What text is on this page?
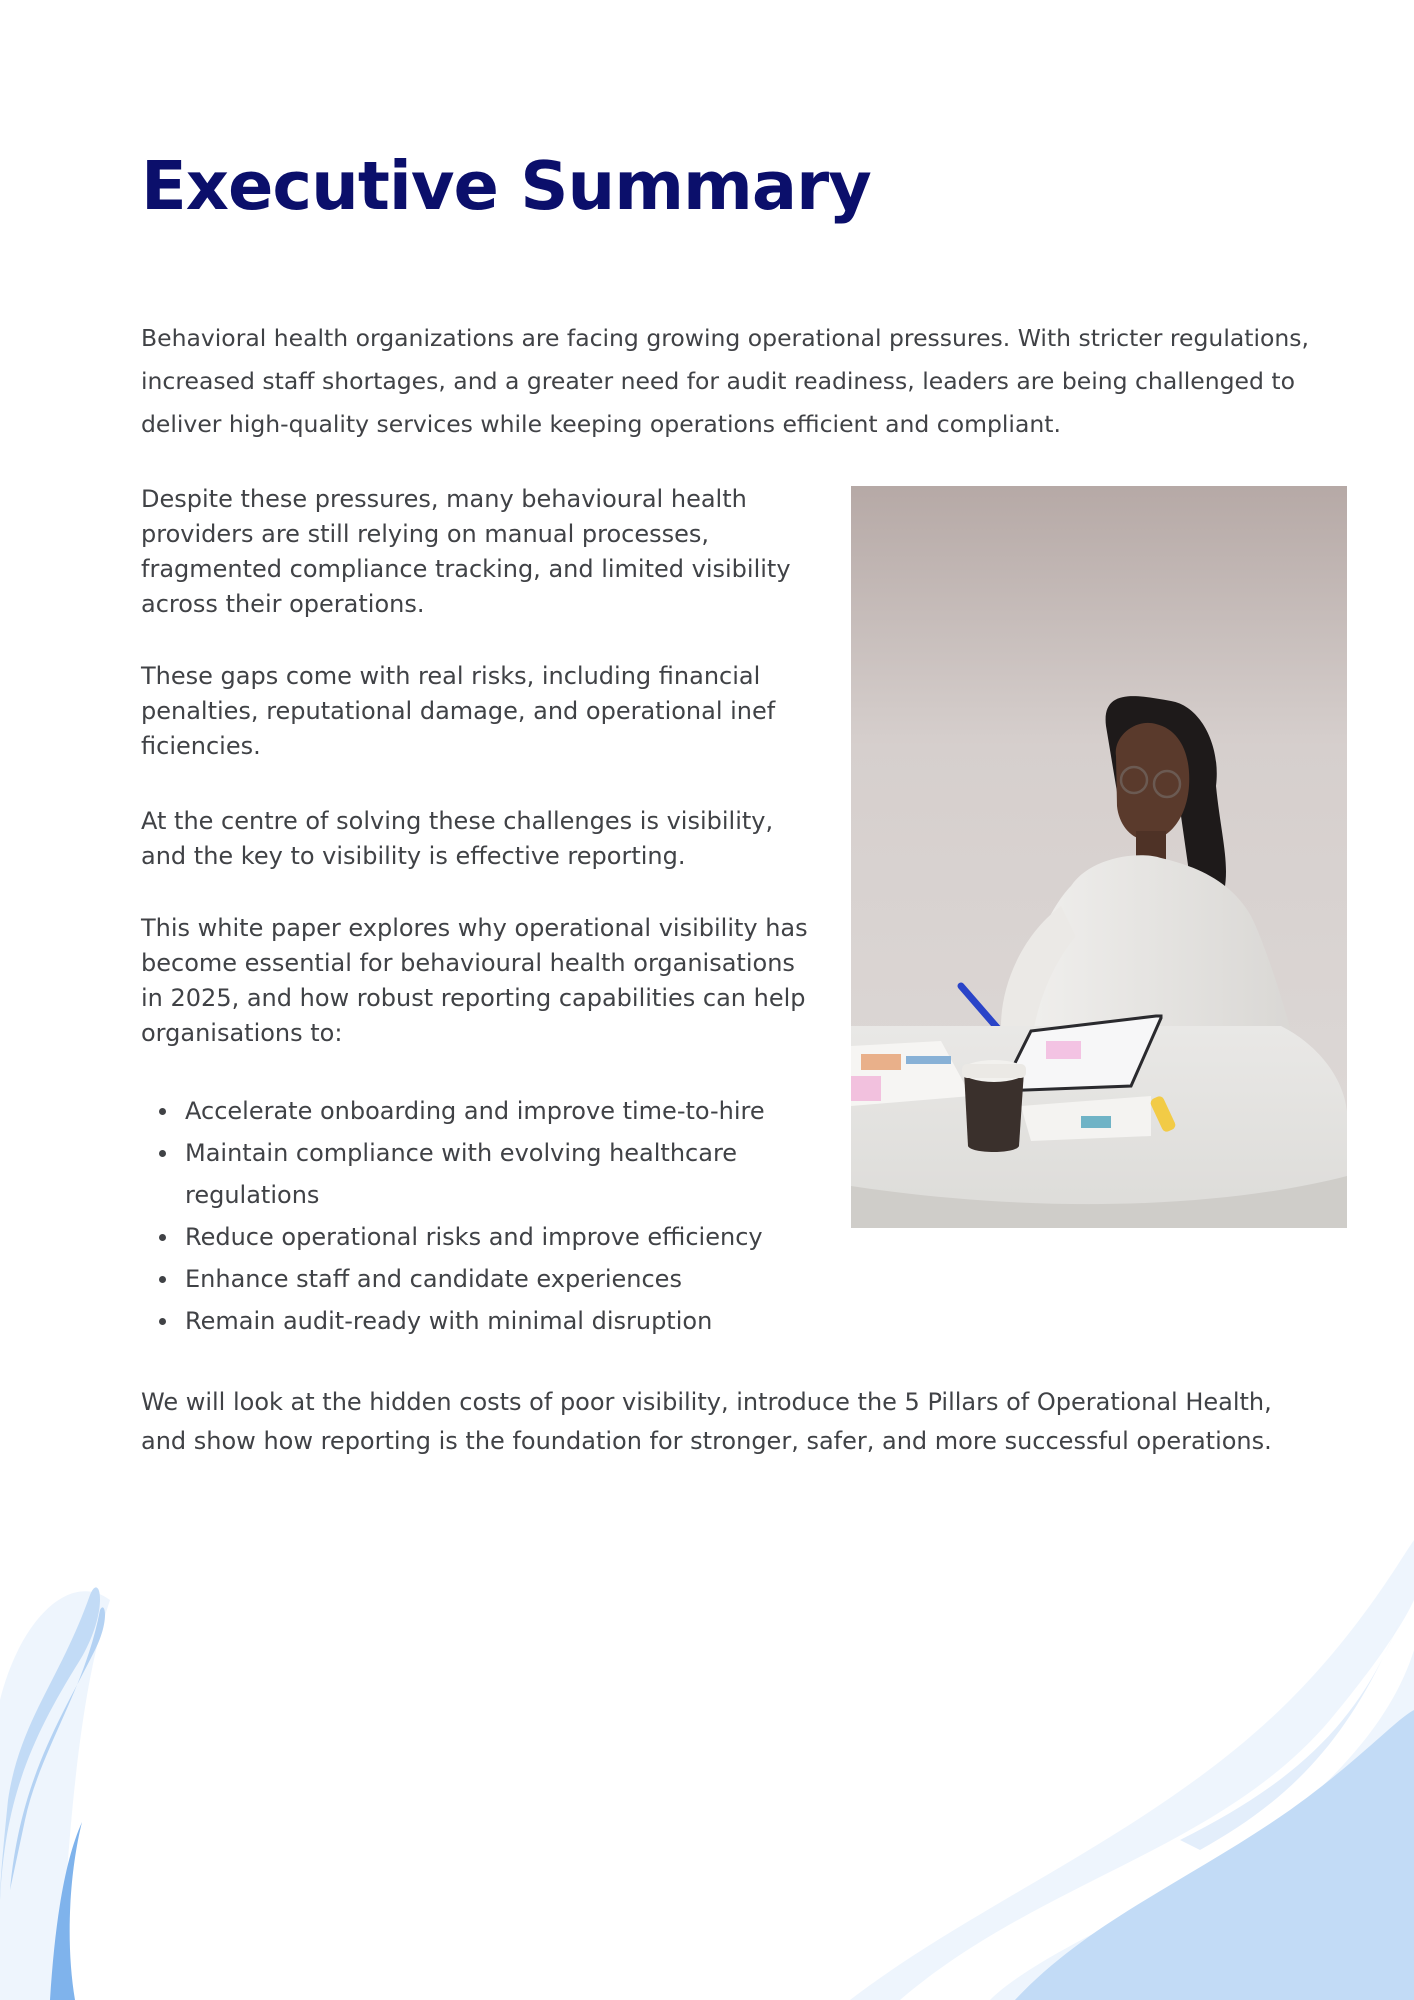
Executive Summary

Behavioral health organizations are facing growing operational pressures. With stricter regulations, increased staff shortages, and a greater need for audit readiness, leaders are being challenged to deliver high-quality services while keeping operations efficient and compliant.

Despite these pressures, many behavioural health providers are still relying on manual processes, fragmented compliance tracking, and limited visibility across their operations.

These gaps come with real risks, including financial penalties, reputational damage, and operational inef ficiencies.

At the centre of solving these challenges is visibility, and the key to visibility is effective reporting.

This white paper explores why operational visibility has become essential for behavioural health organisations in 2025, and how robust reporting capabilities can help organisations to:

Accelerate onboarding and improve time-to-hire
Maintain compliance with evolving healthcare regulations
Reduce operational risks and improve efficiency
Enhance staff and candidate experiences
Remain audit-ready with minimal disruption

We will look at the hidden costs of poor visibility, introduce the 5 Pillars of Operational Health, and show how reporting is the foundation for stronger, safer, and more successful operations.
